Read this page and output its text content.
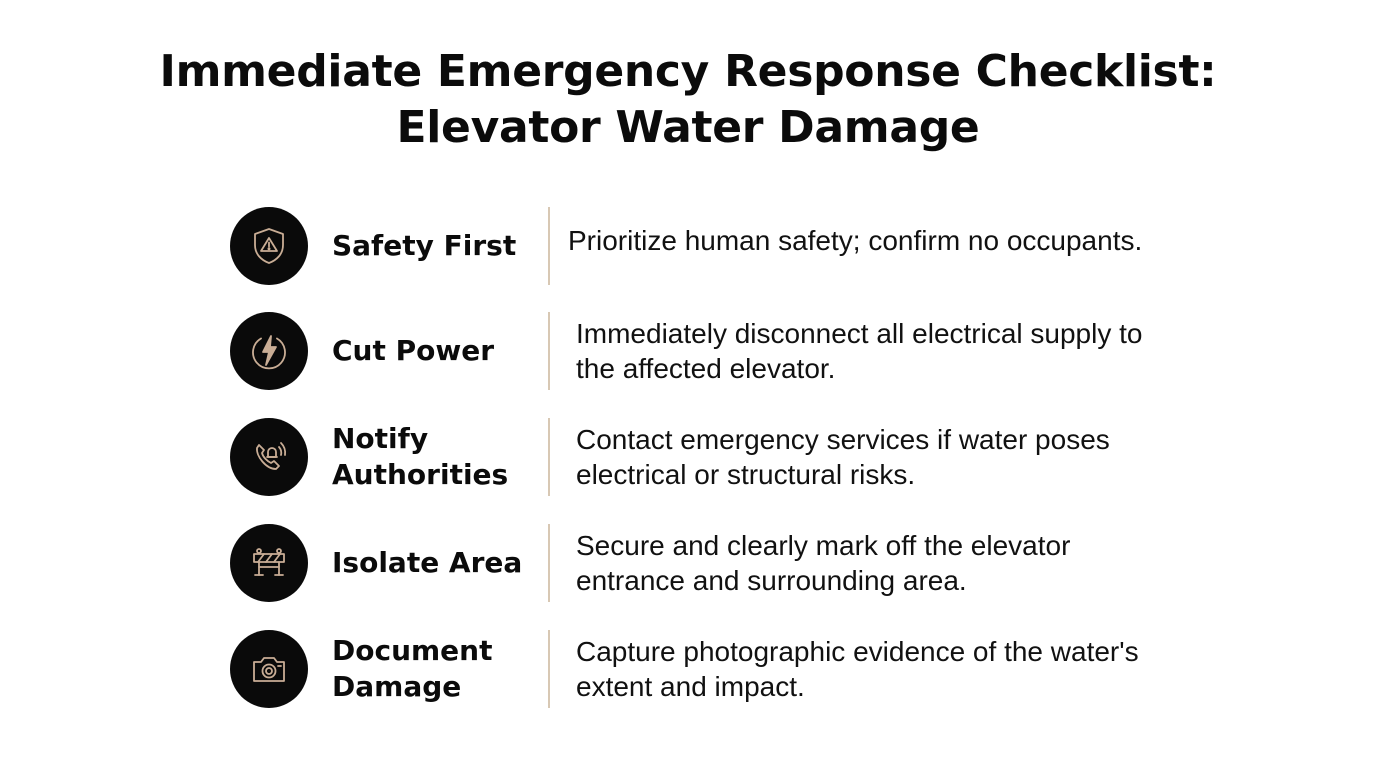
Immediate Emergency Response Checklist:
Elevator Water Damage
Safety First	Prioritize human safety; confirm no occupants.
Cut Power
Immediately disconnect all electrical supply to the affected elevator.
Notify Authorities
Contact emergency services if water poses electrical or structural risks.
Isolate Area
Secure and clearly mark off the elevator entrance and surrounding area.
Document Damage
Capture photographic evidence of the water's extent and impact.
